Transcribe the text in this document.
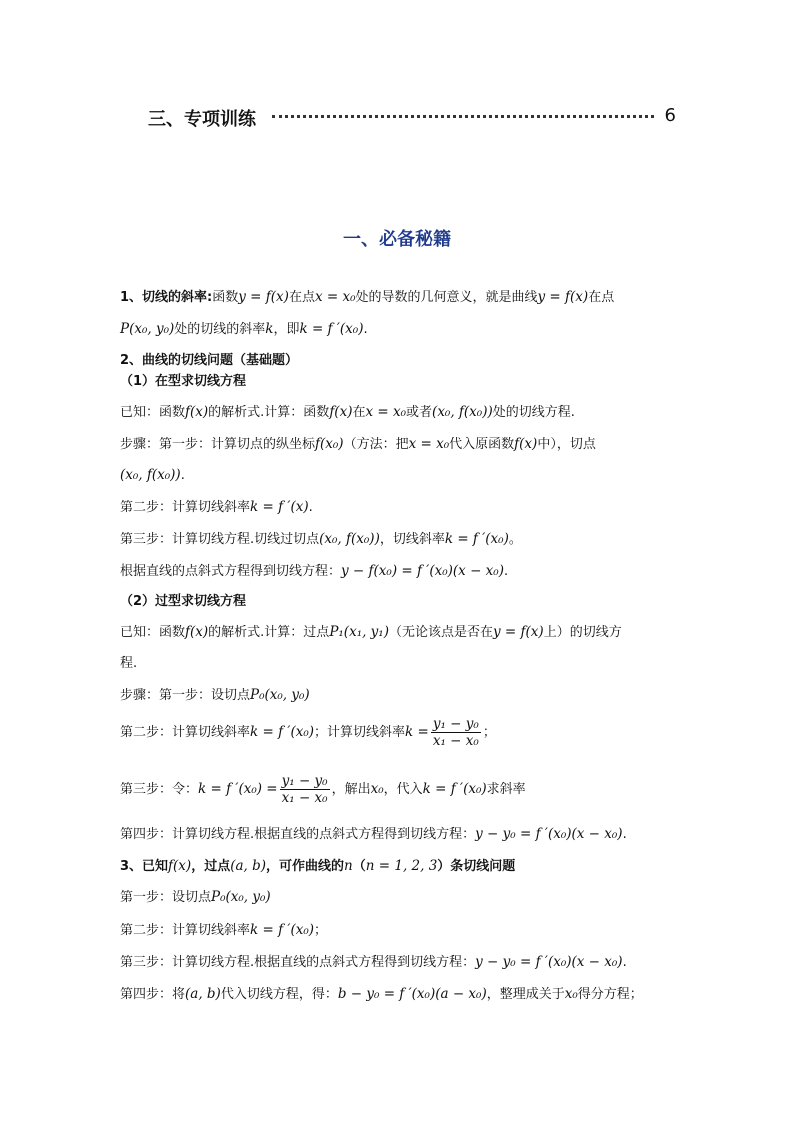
三、专项训练	6
一、必备秘籍
1、切线的斜率:函数y = f(x)在点x = x₀处的导数的几何意义，就是曲线y = f(x)在点
P(x₀, y₀)处的切线的斜率k，即k = f ′(x₀).
2、曲线的切线问题（基础题）
（1）在型求切线方程
已知：函数f(x)的解析式.计算：函数f(x)在x = x₀或者(x₀, f(x₀))处的切线方程.
步骤：第一步：计算切点的纵坐标f(x₀)（方法：把x = x₀代入原函数f(x)中），切点
(x₀, f(x₀)).
第二步：计算切线斜率k = f ′(x).
第三步：计算切线方程.切线过切点(x₀, f(x₀))，切线斜率k = f ′(x₀)。
根据直线的点斜式方程得到切线方程：y − f(x₀) = f ′(x₀)(x − x₀).
（2）过型求切线方程
已知：函数f(x)的解析式.计算：过点P₁(x₁, y₁)（无论该点是否在y = f(x)上）的切线方
程.
步骤：第一步：设切点P₀(x₀, y₀)
第二步：计算切线斜率k = f ′(x₀)；计算切线斜率$k = \frac{\text{y₁ − y₀}}{\text{x₁ − x₀}}$ ；
第三步：令：k = f $'(x_0) = \frac{\text{y₁ − y₀}}{\text{x₁ − x₀}}$ ，解出x₀，代入k = f ′(x₀)求斜率
第四步：计算切线方程.根据直线的点斜式方程得到切线方程：y − y₀ = f ′(x₀)(x − x₀).
3、已知f(x)，过点(a, b)，可作曲线的n（n = 1, 2, 3）条切线问题
第一步：设切点P₀(x₀, y₀)
第二步：计算切线斜率k = f ′(x₀)；
第三步：计算切线方程.根据直线的点斜式方程得到切线方程：y − y₀ = f ′(x₀)(x − x₀).
第四步：将(a, b)代入切线方程，得：b − y₀ = f ′(x₀)(a − x₀)，整理成关于x₀得分方程；
